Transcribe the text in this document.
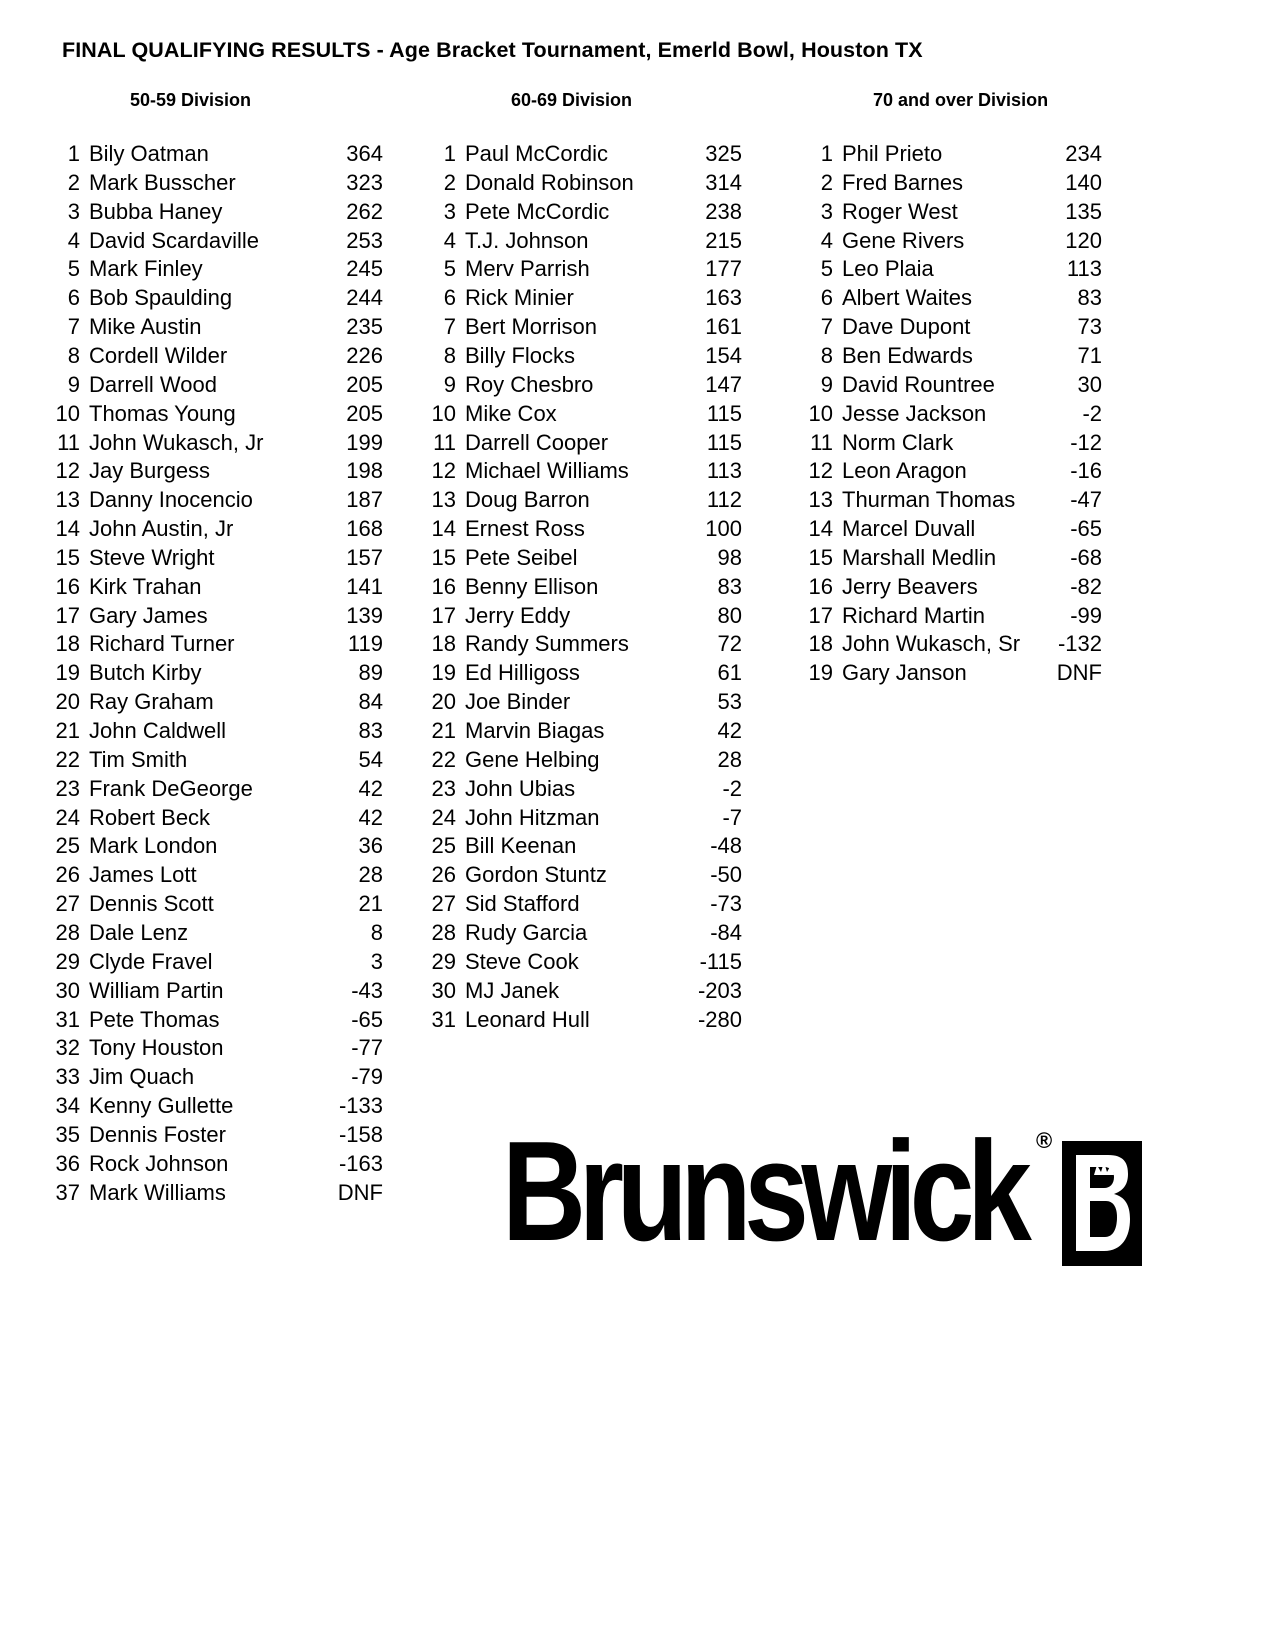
FINAL QUALIFYING RESULTS - Age Bracket Tournament, Emerld Bowl, Houston TX
50-59 Division
1 Bily Oatman	364
2 Mark Busscher	323
3 Bubba Haney	262
4 David Scardaville	253
5 Mark Finley	245
6 Bob Spaulding	244
7 Mike Austin	235
8 Cordell Wilder	226
9 Darrell Wood	205
10 Thomas Young	205
11 John Wukasch, Jr	199
12 Jay Burgess	198
13 Danny Inocencio	187
14 John Austin, Jr	168
15 Steve Wright	157
16 Kirk Trahan	141
17 Gary James	139
18 Richard Turner	119
19 Butch Kirby	89
20 Ray Graham	84
21 John Caldwell	83
22 Tim Smith	54
23 Frank DeGeorge	42
24 Robert Beck	42
25 Mark London	36
26 James Lott	28
27 Dennis Scott	21
28 Dale Lenz	8
29 Clyde Fravel	3
30 William Partin	-43
31 Pete Thomas	-65
32 Tony Houston	-77
33 Jim Quach	-79
34 Kenny Gullette	-133
35 Dennis Foster	-158
36 Rock Johnson	-163
37 Mark Williams	DNF
60-69 Division
1 Paul McCordic	325
2 Donald Robinson	314
3 Pete McCordic	238
4 T.J. Johnson	215
5 Merv Parrish	177
6 Rick Minier	163
7 Bert Morrison	161
8 Billy Flocks	154
9 Roy Chesbro	147
10 Mike Cox	115
11 Darrell Cooper	115
12 Michael Williams	113
13 Doug Barron	112
14 Ernest Ross	100
15 Pete Seibel	98
16 Benny Ellison	83
17 Jerry Eddy	80
18 Randy Summers	72
19 Ed Hilligoss	61
20 Joe Binder	53
21 Marvin Biagas	42
22 Gene Helbing	28
23 John Ubias	-2
24 John Hitzman	-7
25 Bill Keenan	-48
26 Gordon Stuntz	-50
27 Sid Stafford	-73
28 Rudy Garcia	-84
29 Steve Cook	-115
30 MJ Janek	-203
31 Leonard Hull	-280
70 and over Division
1 Phil Prieto	234
2 Fred Barnes	140
3 Roger West	135
4 Gene Rivers	120
5 Leo Plaia	113
6 Albert Waites	83
7 Dave Dupont	73
8 Ben Edwards	71
9 David Rountree	30
10 Jesse Jackson	-2
11 Norm Clark	-12
12 Leon Aragon	-16
13 Thurman Thomas	-47
14 Marcel Duvall	-65
15 Marshall Medlin	-68
16 Jerry Beavers	-82
17 Richard Martin	-99
18 John Wukasch, Sr	-132
19 Gary Janson	DNF
Brunswick ®
